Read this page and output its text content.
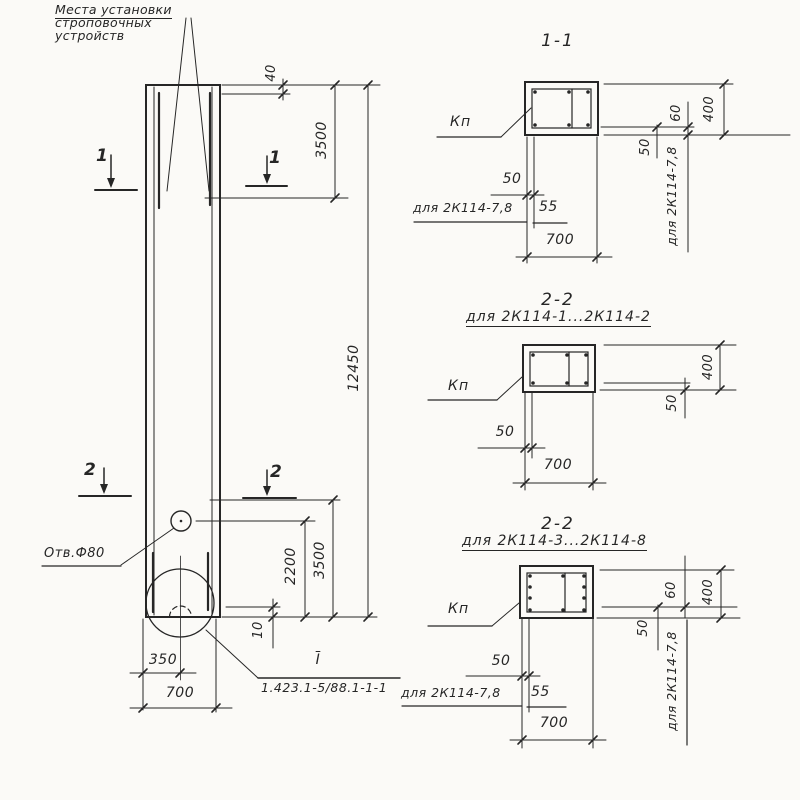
Места установки
строповочных
устройств
1	1
2	2
40
3500
12450
2200 3500
10
350
700
Отв.Ф80
$\overline{I}$
1.423.1-5/88.1-1-1
1-1
Кп
50
для 2К114-7,8 55
700
400
60
50 для 2К114-7,8
2-2
для 2К114-1...2К114-2
Кп
50
700
400
50
2-2
для 2К114-3...2К114-8
Кп
50
для 2К114-7,8 55
700
400
60
50
для 2К114-7,8
